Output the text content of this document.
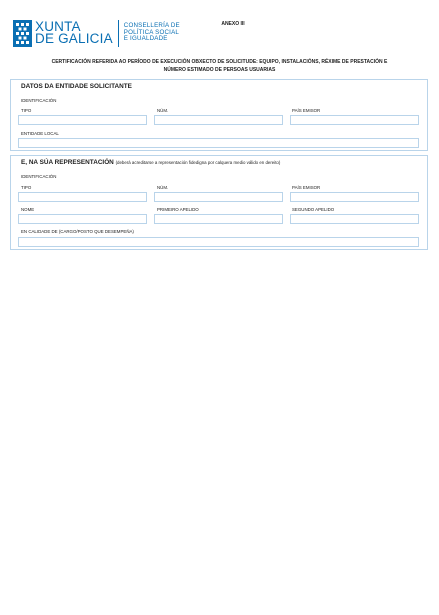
XUNTA
DE GALICIA
CONSELLERÍA DE
POLÍTICA SOCIAL
E IGUALDADE
ANEXO III
CERTIFICACIÓN REFERIDA AO PERÍODO DE EXECUCIÓN OBXECTO DE SOLICITUDE: EQUIPO, INSTALACIÓNS, RÉXIME DE PRESTACIÓN E
NÚMERO ESTIMADO DE PERSOAS USUARIAS
DATOS DA ENTIDADE SOLICITANTE
IDENTIFICACIÓN
TIPO	NÚM.	PAÍS EMISOR
ENTIDADE LOCAL
E, NA SÚA REPRESENTACIÓN (deberá acreditarse a representación fidedigna por calquera medio válido en dereito)
IDENTIFICACIÓN
TIPO	NÚM.	PAÍS EMISOR
NOME	PRIMEIRO APELIDO	SEGUNDO APELIDO
EN CALIDADE DE (CARGO/POSTO QUE DESEMPEÑA)
